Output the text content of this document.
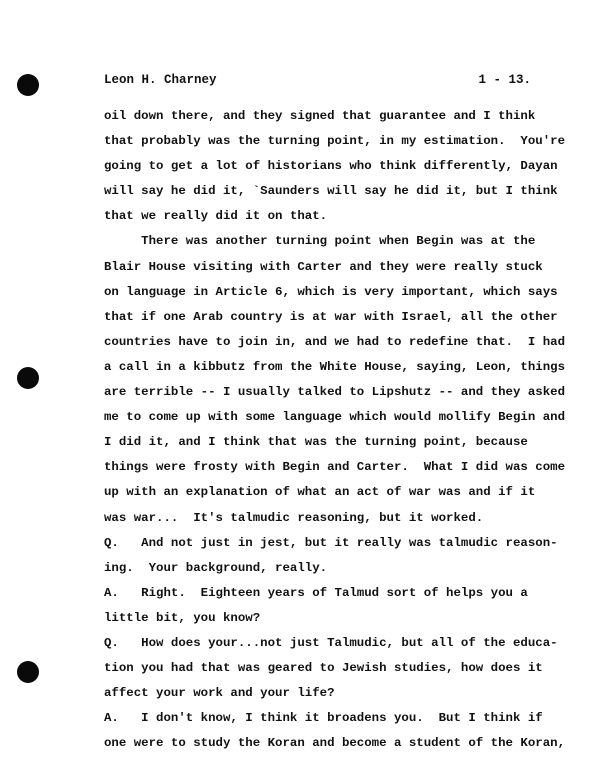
Leon H. Charney	1 - 13.
oil down there, and they signed that guarantee and I think
that probably was the turning point, in my estimation.  You're
going to get a lot of historians who think differently, Dayan
will say he did it, `Saunders will say he did it, but I think
that we really did it on that.
There was another turning point when Begin was at the
Blair House visiting with Carter and they were really stuck
on language in Article 6, which is very important, which says
that if one Arab country is at war with Israel, all the other
countries have to join in, and we had to redefine that.  I had
a call in a kibbutz from the White House, saying, Leon, things
are terrible -- I usually talked to Lipshutz -- and they asked
me to come up with some language which would mollify Begin and
I did it, and I think that was the turning point, because
things were frosty with Begin and Carter.  What I did was come
up with an explanation of what an act of war was and if it
was war...  It's talmudic reasoning, but it worked.
Q.   And not just in jest, but it really was talmudic reason-
ing.  Your background, really.
A.   Right.  Eighteen years of Talmud sort of helps you a
little bit, you know?
Q.   How does your...not just Talmudic, but all of the educa-
tion you had that was geared to Jewish studies, how does it
affect your work and your life?
A.   I don't know, I think it broadens you.  But I think if
one were to study the Koran and become a student of the Koran,
